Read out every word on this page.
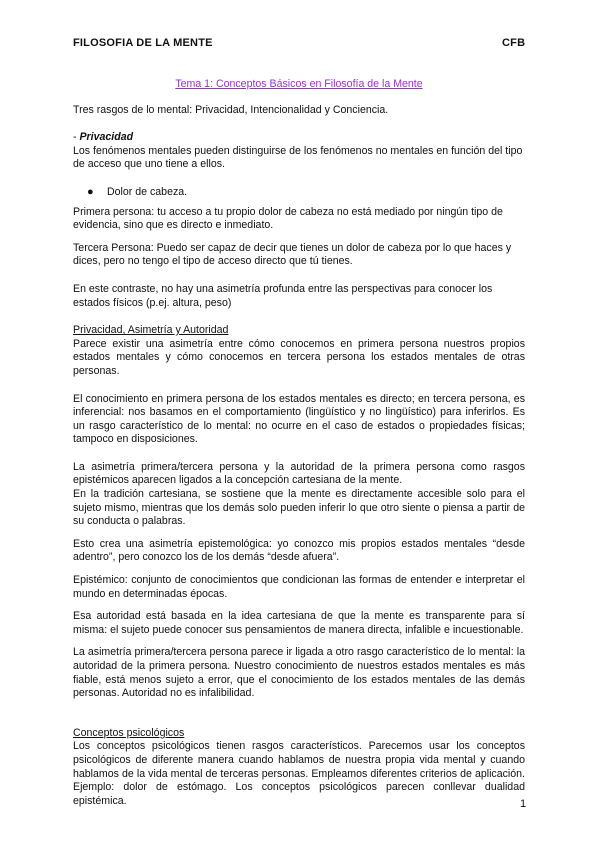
FILOSOFIA DE LA MENTE	CFB

Tema 1: Conceptos Básicos en Filosofía de la Mente

Tres rasgos de lo mental: Privacidad, Intencionalidad y Conciencia.

- Privacidad

Los fenómenos mentales pueden distinguirse de los fenómenos no mentales en función del tipo de acceso que uno tiene a ellos.

●	Dolor de cabeza.

Primera persona: tu acceso a tu propio dolor de cabeza no está mediado por ningún tipo de evidencia, sino que es directo e inmediato.

Tercera Persona: Puedo ser capaz de decir que tienes un dolor de cabeza por lo que haces y dices, pero no tengo el tipo de acceso directo que tú tienes.

En este contraste, no hay una asimetría profunda entre las perspectivas para conocer los estados físicos (p.ej. altura, peso)

Privacidad, Asimetría y Autoridad

Parece existir una asimetría entre cómo conocemos en primera persona nuestros propios estados mentales y cómo conocemos en tercera persona los estados mentales de otras personas.

El conocimiento en primera persona de los estados mentales es directo; en tercera persona, es inferencial: nos basamos en el comportamiento (lingüístico y no lingüístico) para inferirlos. Es un rasgo característico de lo mental: no ocurre en el caso de estados o propiedades físicas; tampoco en disposiciones.

La asimetría primera/tercera persona y la autoridad de la primera persona como rasgos epistémicos aparecen ligados a la concepción cartesiana de la mente.

En la tradición cartesiana, se sostiene que la mente es directamente accesible solo para el sujeto mismo, mientras que los demás solo pueden inferir lo que otro siente o piensa a partir de su conducta o palabras.

Esto crea una asimetría epistemológica: yo conozco mis propios estados mentales “desde adentro”, pero conozco los de los demás “desde afuera”.

Epistémico: conjunto de conocimientos que condicionan las formas de entender e interpretar el mundo en determinadas épocas.

Esa autoridad está basada en la idea cartesiana de que la mente es transparente para sí misma: el sujeto puede conocer sus pensamientos de manera directa, infalible e incuestionable.

La asimetría primera/tercera persona parece ir ligada a otro rasgo característico de lo mental: la autoridad de la primera persona. Nuestro conocimiento de nuestros estados mentales es más fiable, está menos sujeto a error, que el conocimiento de los estados mentales de las demás personas. Autoridad no es infalibilidad.

Conceptos psicológicos

Los conceptos psicológicos tienen rasgos característicos. Parecemos usar los conceptos psicológicos de diferente manera cuando hablamos de nuestra propia vida mental y cuando hablamos de la vida mental de terceras personas. Empleamos diferentes criterios de aplicación. Ejemplo: dolor de estómago. Los conceptos psicológicos parecen conllevar dualidad epistémica.	1
